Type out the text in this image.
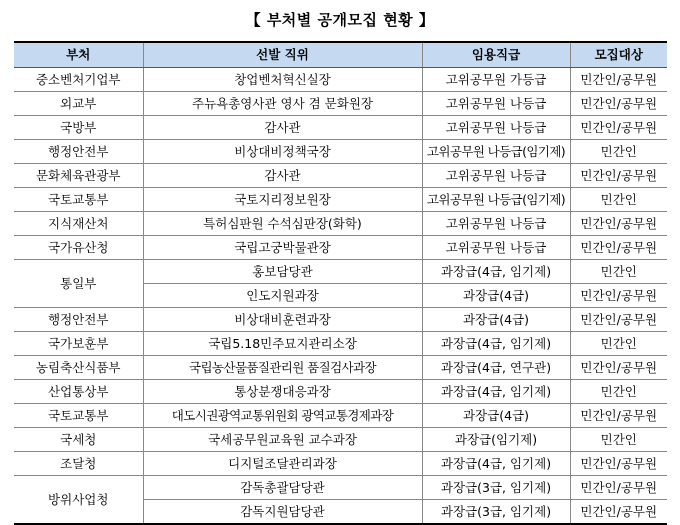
【 부처별 공개모집 현황 】
부처	선발 직위	임용직급	모집대상
중소벤처기업부	창업벤처혁신실장	고위공무원 가등급	민간인/공무원
외교부	주뉴욕총영사관 영사 겸 문화원장	고위공무원 나등급	민간인/공무원
국방부	감사관	고위공무원 나등급	민간인/공무원
행정안전부	비상대비정책국장	고위공무원 나등급(임기제)	민간인
문화체육관광부	감사관	고위공무원 나등급	민간인/공무원
국토교통부	국토지리정보원장	고위공무원 나등급(임기제)	민간인
지식재산처	특허심판원 수석심판장(화학)	고위공무원 나등급	민간인/공무원
국가유산청	국립고궁박물관장	고위공무원 나등급	민간인/공무원
통일부	홍보담당관	과장급(4급, 임기제)	민간인
	인도지원과장	과장급(4급)	민간인/공무원
행정안전부	비상대비훈련과장	과장급(4급)	민간인/공무원
국가보훈부	국립5.18민주묘지관리소장	과장급(4급, 임기제)	민간인
농림축산식품부	국립농산물품질관리원 품질검사과장	과장급(4급, 연구관)	민간인/공무원
산업통상부	통상분쟁대응과장	과장급(4급, 임기제)	민간인
국토교통부	대도시권광역교통위원회 광역교통경제과장	과장급(4급)	민간인/공무원
국세청	국세공무원교육원 교수과장	과장급(임기제)	민간인
조달청	디지털조달관리과장	과장급(4급, 임기제)	민간인/공무원
방위사업청	감독총괄담당관	과장급(3급, 임기제)	민간인/공무원
	감독지원담당관	과장급(3급, 임기제)	민간인/공무원
